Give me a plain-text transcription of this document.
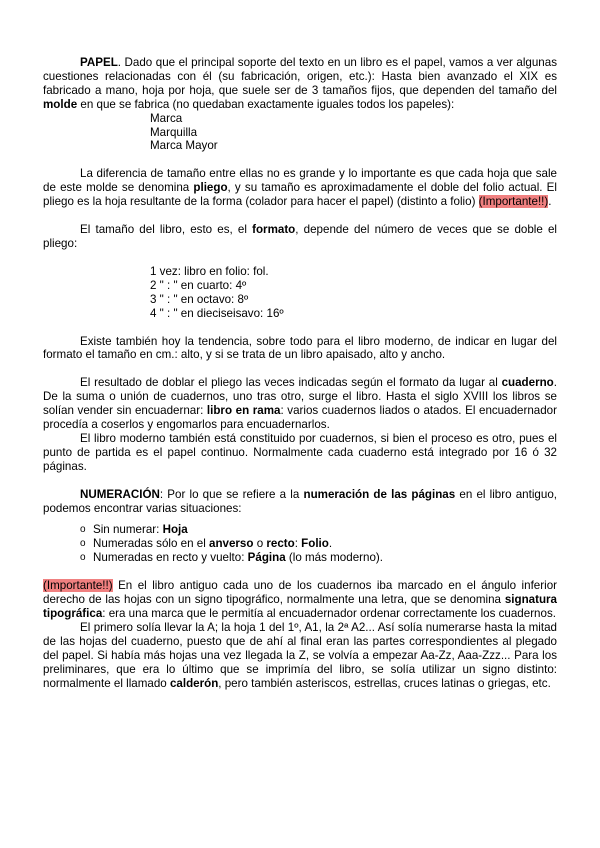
PAPEL. Dado que el principal soporte del texto en un libro es el papel, vamos a ver algunas cuestiones relacionadas con él (su fabricación, origen, etc.): Hasta bien avanzado el XIX es fabricado a mano, hoja por hoja, que suele ser de 3 tamaños fijos, que dependen del tamaño del molde en que se fabrica (no quedaban exactamente iguales todos los papeles):

Marca
Marquilla
Marca Mayor

La diferencia de tamaño entre ellas no es grande y lo importante es que cada hoja que sale de este molde se denomina pliego, y su tamaño es aproximadamente el doble del folio actual. El pliego es la hoja resultante de la forma (colador para hacer el papel) (distinto a folio) (Importante!!).

El tamaño del libro, esto es, el formato, depende del número de veces que se doble el pliego:

1 vez: libro en folio: fol.
2 " : " en cuarto: 4º
3 " : " en octavo: 8º
4 " : " en dieciseisavo: 16º

Existe también hoy la tendencia, sobre todo para el libro moderno, de indicar en lugar del formato el tamaño en cm.: alto, y si se trata de un libro apaisado, alto y ancho.

El resultado de doblar el pliego las veces indicadas según el formato da lugar al cuaderno. De la suma o unión de cuadernos, uno tras otro, surge el libro. Hasta el siglo XVIII los libros se solían vender sin encuadernar: libro en rama: varios cuadernos liados o atados. El encuadernador procedía a coserlos y engomarlos para encuadernarlos.

El libro moderno también está constituido por cuadernos, si bien el proceso es otro, pues el punto de partida es el papel continuo. Normalmente cada cuaderno está integrado por 16 ó 32 páginas.

NUMERACIÓN: Por lo que se refiere a la numeración de las páginas en el libro antiguo, podemos encontrar varias situaciones:

o Sin numerar: Hoja
o Numeradas sólo en el anverso o recto: Folio.
o Numeradas en recto y vuelto: Página (lo más moderno).

(Importante!!) En el libro antiguo cada uno de los cuadernos iba marcado en el ángulo inferior derecho de las hojas con un signo tipográfico, normalmente una letra, que se denomina signatura tipográfica: era una marca que le permitía al encuadernador ordenar correctamente los cuadernos.

El primero solía llevar la A; la hoja 1 del 1º, A1, la 2ª A2... Así solía numerarse hasta la mitad de las hojas del cuaderno, puesto que de ahí al final eran las partes correspondientes al plegado del papel. Si había más hojas una vez llegada la Z, se volvía a empezar Aa-Zz, Aaa-Zzz... Para los preliminares, que era lo último que se imprimía del libro, se solía utilizar un signo distinto: normalmente el llamado calderón, pero también asteriscos, estrellas, cruces latinas o griegas, etc.
